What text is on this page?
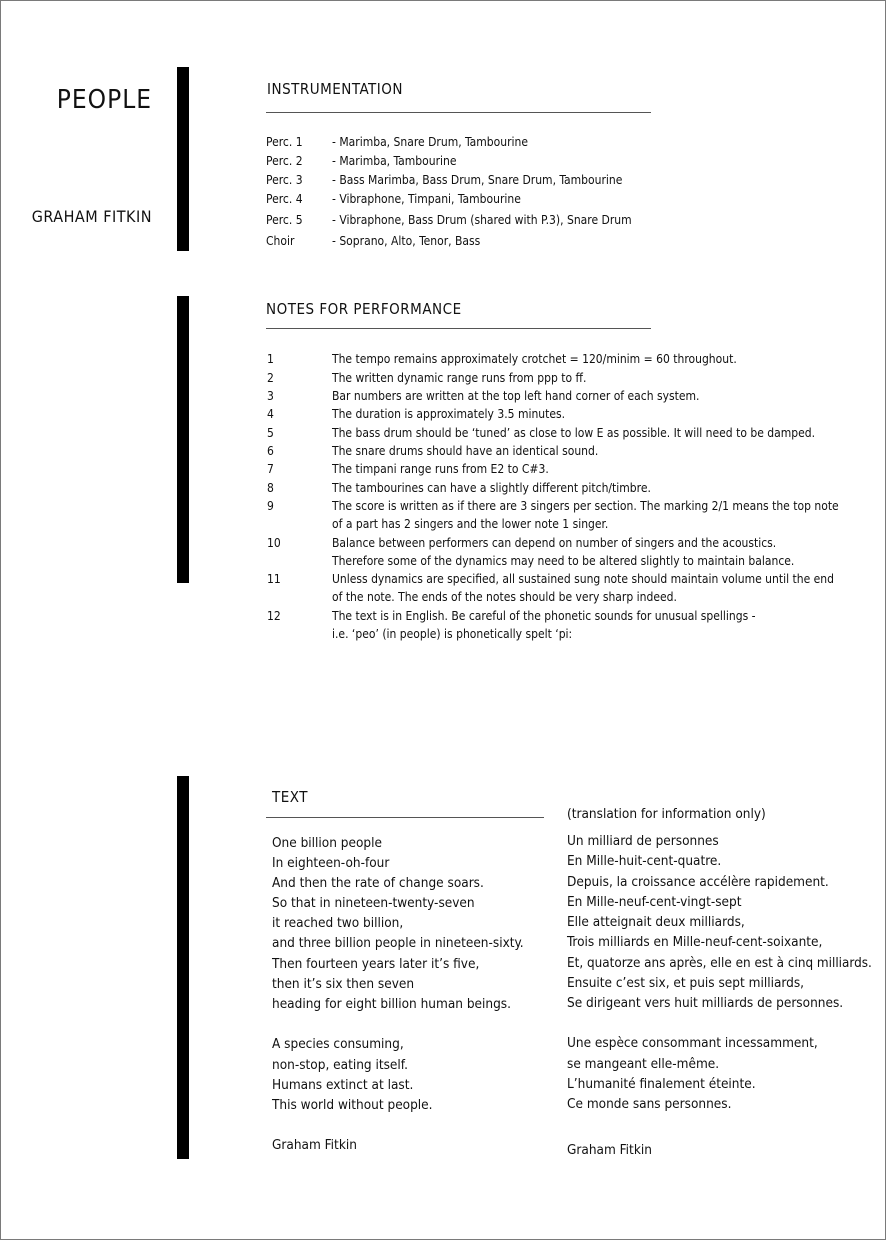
PEOPLE
GRAHAM FITKIN
INSTRUMENTATION
Perc. 1 - Marimba, Snare Drum, Tambourine
Perc. 2 - Marimba, Tambourine
Perc. 3 - Bass Marimba, Bass Drum, Snare Drum, Tambourine
Perc. 4 - Vibraphone, Timpani, Tambourine
Perc. 5 - Vibraphone, Bass Drum (shared with P.3), Snare Drum
Choir	- Soprano, Alto, Tenor, Bass
NOTES FOR PERFORMANCE
1	The tempo remains approximately crotchet = 120/minim = 60 throughout.
2	The written dynamic range runs from ppp to ff.
3	Bar numbers are written at the top left hand corner of each system.
4	The duration is approximately 3.5 minutes.
5	The bass drum should be ‘tuned’ as close to low E as possible. It will need to be damped.
6	The snare drums should have an identical sound.
7	The timpani range runs from E2 to C#3.
8	The tambourines can have a slightly different pitch/timbre.
9	The score is written as if there are 3 singers per section. The marking 2/1 means the top note
of a part has 2 singers and the lower note 1 singer.
10	Balance between performers can depend on number of singers and the acoustics.
Therefore some of the dynamics may need to be altered slightly to maintain balance.
11	Unless dynamics are specified, all sustained sung note should maintain volume until the end
of the note. The ends of the notes should be very sharp indeed.
12	The text is in English. Be careful of the phonetic sounds for unusual spellings -
i.e. ‘peo’ (in people) is phonetically spelt ‘pi:
TEXT
(translation for information only)
One billion people
In eighteen-oh-four
And then the rate of change soars.
So that in nineteen-twenty-seven
it reached two billion,
and three billion people in nineteen-sixty.
Then fourteen years later it’s five,
then it’s six then seven
heading for eight billion human beings.
A species consuming,
non-stop, eating itself.
Humans extinct at last.
This world without people.
Graham Fitkin
Un milliard de personnes
En Mille-huit-cent-quatre.
Depuis, la croissance accélère rapidement.
En Mille-neuf-cent-vingt-sept
Elle atteignait deux milliards,
Trois milliards en Mille-neuf-cent-soixante,
Et, quatorze ans après, elle en est à cinq milliards.
Ensuite c’est six, et puis sept milliards,
Se dirigeant vers huit milliards de personnes.
Une espèce consommant incessamment,
se mangeant elle-même.
L’humanité finalement éteinte.
Ce monde sans personnes.
Graham Fitkin
